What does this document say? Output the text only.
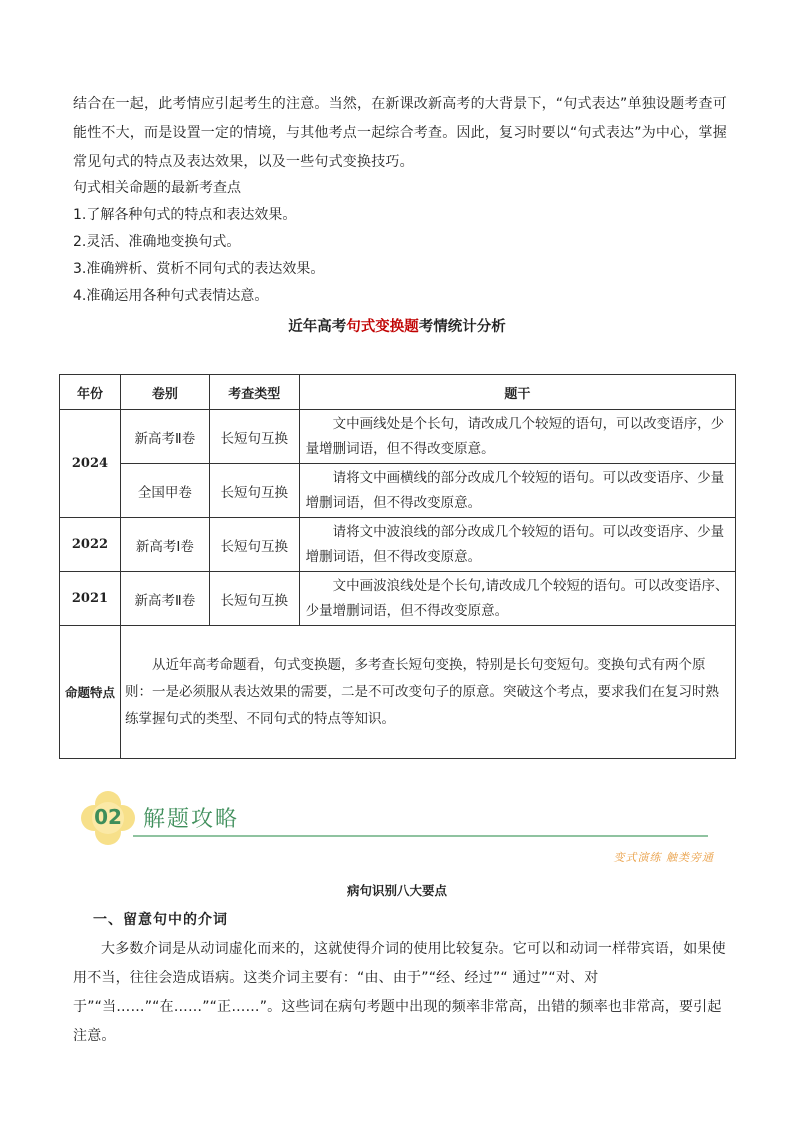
结合在一起，此考情应引起考生的注意。当然，在新课改新高考的大背景下，“句式表达”单独设题考查可能性不大，而是设置一定的情境，与其他考点一起综合考查。因此，复习时要以“句式表达”为中心，掌握常见句式的特点及表达效果，以及一些句式变换技巧。
句式相关命题的最新考查点
1.了解各种句式的特点和表达效果。
2.灵活、准确地变换句式。
3.准确辨析、赏析不同句式的表达效果。
4.准确运用各种句式表情达意。
近年高考句式变换题考情统计分析
年份	卷别	考查类型	题干
2024	新高考Ⅱ卷	长短句互换	文中画线处是个长句，请改成几个较短的语句，可以改变语序，少量增删词语，但不得改变原意。
	全国甲卷	长短句互换	请将文中画横线的部分改成几个较短的语句。可以改变语序、少量增删词语，但不得改变原意。
2022	新高考Ⅰ卷	长短句互换	请将文中波浪线的部分改成几个较短的语句。可以改变语序、少量增删词语，但不得改变原意。
2021	新高考Ⅱ卷	长短句互换	文中画波浪线处是个长句,请改成几个较短的语句。可以改变语序、少量增删词语，但不得改变原意。
命题特点	从近年高考命题看，句式变换题，多考查长短句变换，特别是长句变短句。变换句式有两个原则：一是必须服从表达效果的需要，二是不可改变句子的原意。突破这个考点，要求我们在复习时熟练掌握句式的类型、不同句式的特点等知识。		
02 解题攻略
变式演练 触类旁通
病句识别八大要点
一、留意句中的介词
大多数介词是从动词虚化而来的，这就使得介词的使用比较复杂。它可以和动词一样带宾语，如果使用不当，往往会造成语病。这类介词主要有：“由、由于”“经、经过”“ 通过”“对、对于”“当……”“在……”“正……”。这些词在病句考题中出现的频率非常高，出错的频率也非常高，要引起注意。
